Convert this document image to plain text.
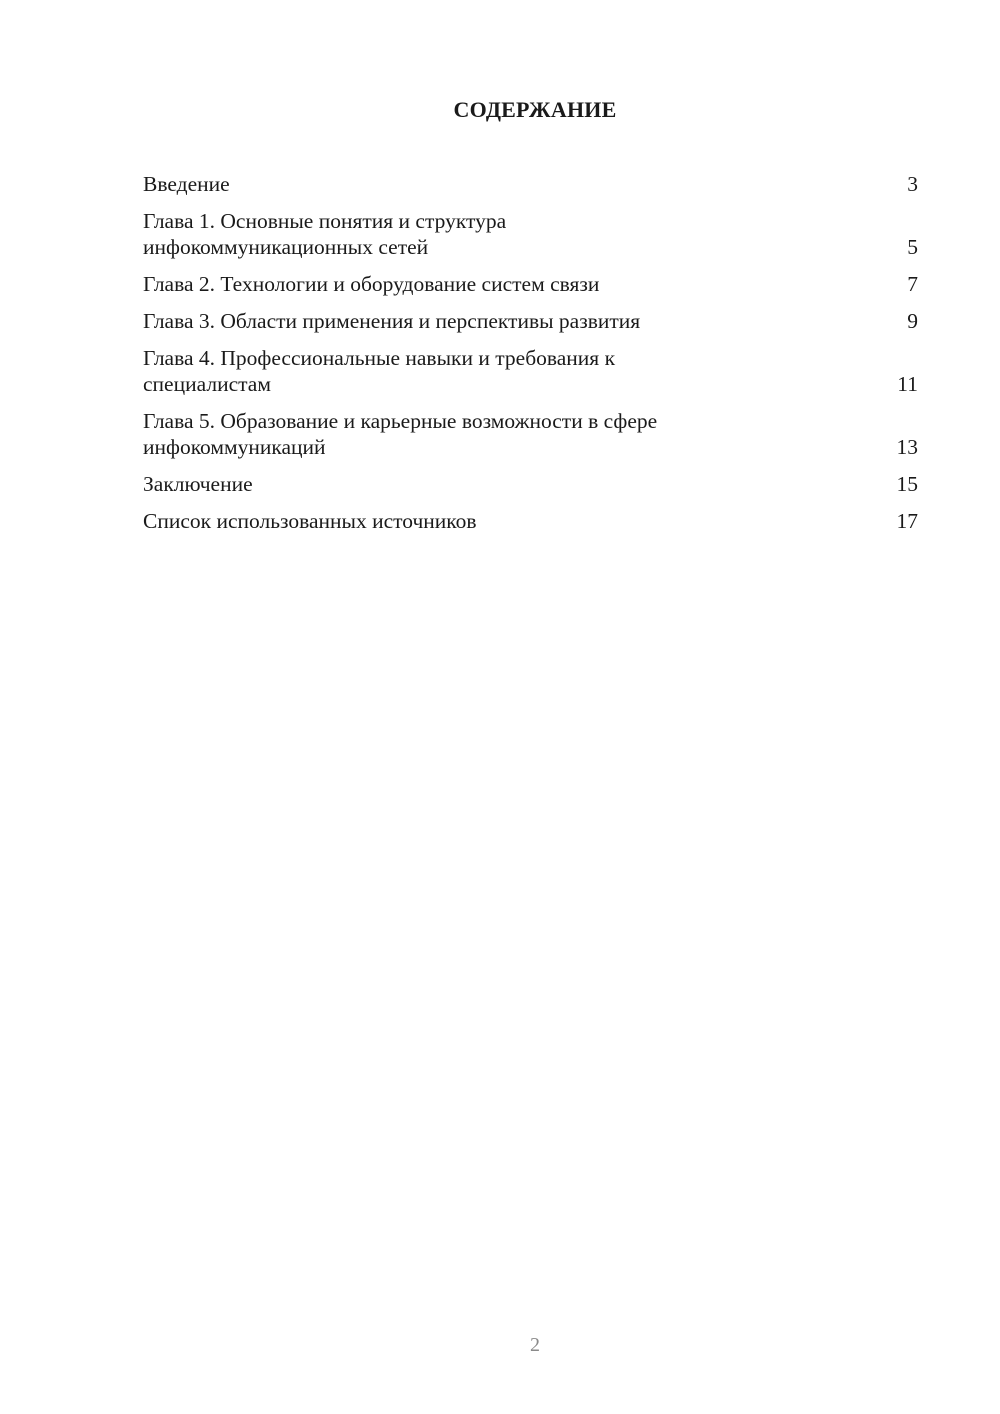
СОДЕРЖАНИЕ
Введение	3
Глава 1. Основные понятия и структура
инфокоммуникационных сетей	5
Глава 2. Технологии и оборудование систем связи	7
Глава 3. Области применения и перспективы развития	9
Глава 4. Профессиональные навыки и требования к
специалистам	11
Глава 5. Образование и карьерные возможности в сфере
инфокоммуникаций	13
Заключение	15
Список использованных источников	17
2
